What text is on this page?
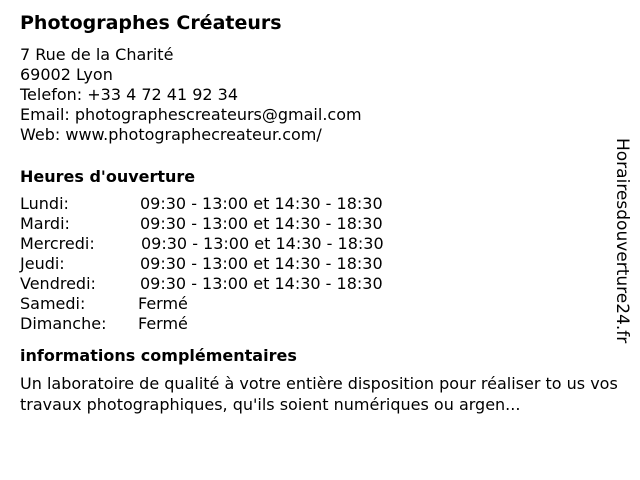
Photographes Créateurs
7 Rue de la Charité
69002 Lyon
Telefon: +33 4 72 41 92 34
Email: photographescreateurs@gmail.com
Web: www.photographecreateur.com/
Heures d'ouverture
Lundi:	09:30 - 13:00 et 14:30 - 18:30
Mardi:	09:30 - 13:00 et 14:30 - 18:30
Mercredi:	09:30 - 13:00 et 14:30 - 18:30
Jeudi:	09:30 - 13:00 et 14:30 - 18:30
Vendredi:	09:30 - 13:00 et 14:30 - 18:30
Samedi:	Fermé
Dimanche: Fermé
informations complémentaires
Un laboratoire de qualité à votre entière disposition pour réaliser to us vos travaux photographiques, qu'ils soient numériques ou argen...
Horairesdouverture24.fr
